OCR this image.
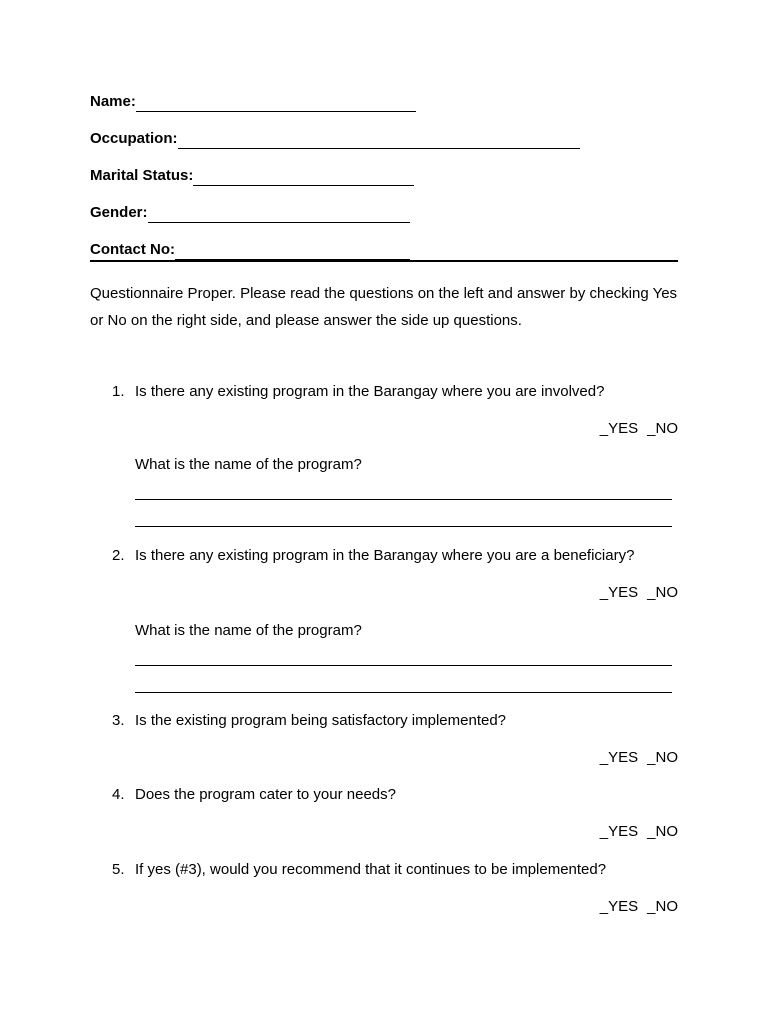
Name:
Occupation:
Marital Status:
Gender:
Contact No:
Questionnaire Proper. Please read the questions on the left and answer by checking Yes or No on the right side, and please answer the side up questions.
1. Is there any existing program in the Barangay where you are involved?
_YES _NO
What is the name of the program?
2. Is there any existing program in the Barangay where you are a beneficiary?
_YES _NO
What is the name of the program?
3. Is the existing program being satisfactory implemented?
_YES _NO
4. Does the program cater to your needs?
_YES _NO
5. If yes (#3), would you recommend that it continues to be implemented?
_YES _NO
